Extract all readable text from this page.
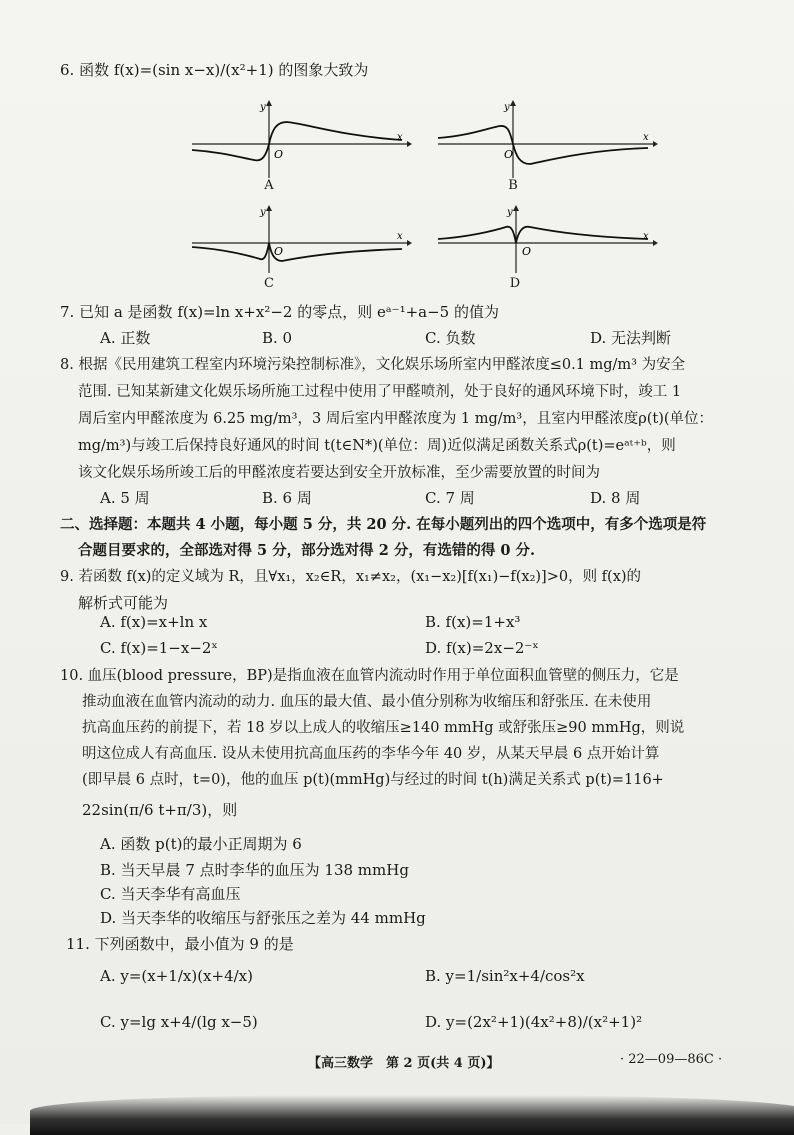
6. 函数 f(x)=(sin x−x)/(x²+1) 的图象大致为
y
O
x
A
y
O
x
B
y
O
x
C
y
O
x
D
7. 已知 a 是函数 f(x)=ln x+x²−2 的零点，则 eᵃ⁻¹+a−5 的值为
A. 正数	B. 0	C. 负数	D. 无法判断
8. 根据《民用建筑工程室内环境污染控制标准》，文化娱乐场所室内甲醛浓度≤0.1 mg/m³ 为安全
范围. 已知某新建文化娱乐场所施工过程中使用了甲醛喷剂，处于良好的通风环境下时，竣工 1
周后室内甲醛浓度为 6.25 mg/m³，3 周后室内甲醛浓度为 1 mg/m³，且室内甲醛浓度ρ(t)(单位：
mg/m³)与竣工后保持良好通风的时间 t(t∈N*)(单位：周)近似满足函数关系式ρ(t)=eᵃᵗ⁺ᵇ，则
该文化娱乐场所竣工后的甲醛浓度若要达到安全开放标准，至少需要放置的时间为
A. 5 周	B. 6 周	C. 7 周	D. 8 周
二、选择题：本题共 4 小题，每小题 5 分，共 20 分. 在每小题列出的四个选项中，有多个选项是符
合题目要求的，全部选对得 5 分，部分选对得 2 分，有选错的得 0 分.
9. 若函数 f(x)的定义域为 R，且∀x₁，x₂∈R，x₁≠x₂，(x₁−x₂)[f(x₁)−f(x₂)]>0，则 f(x)的
解析式可能为
A. f(x)=x+ln x	B. f(x)=1+x³
C. f(x)=1−x−2ˣ	D. f(x)=2x−2⁻ˣ
10. 血压(blood pressure，BP)是指血液在血管内流动时作用于单位面积血管壁的侧压力，它是
推动血液在血管内流动的动力. 血压的最大值、最小值分别称为收缩压和舒张压. 在未使用
抗高血压药的前提下，若 18 岁以上成人的收缩压≥140 mmHg 或舒张压≥90 mmHg，则说
明这位成人有高血压. 设从未使用抗高血压药的李华今年 40 岁，从某天早晨 6 点开始计算
(即早晨 6 点时，t=0)，他的血压 p(t)(mmHg)与经过的时间 t(h)满足关系式 p(t)=116+
22sin(π/6 t+π/3)，则
A. 函数 p(t)的最小正周期为 6
B. 当天早晨 7 点时李华的血压为 138 mmHg
C. 当天李华有高血压
D. 当天李华的收缩压与舒张压之差为 44 mmHg
11. 下列函数中，最小值为 9 的是
A. y=(x+1/x)(x+4/x)	B. y=1/sin²x+4/cos²x
C. y=lg x+4/(lg x−5)	D. y=(2x²+1)(4x²+8)/(x²+1)²
【高三数学　第 2 页(共 4 页)】	· 22—09—86C ·
